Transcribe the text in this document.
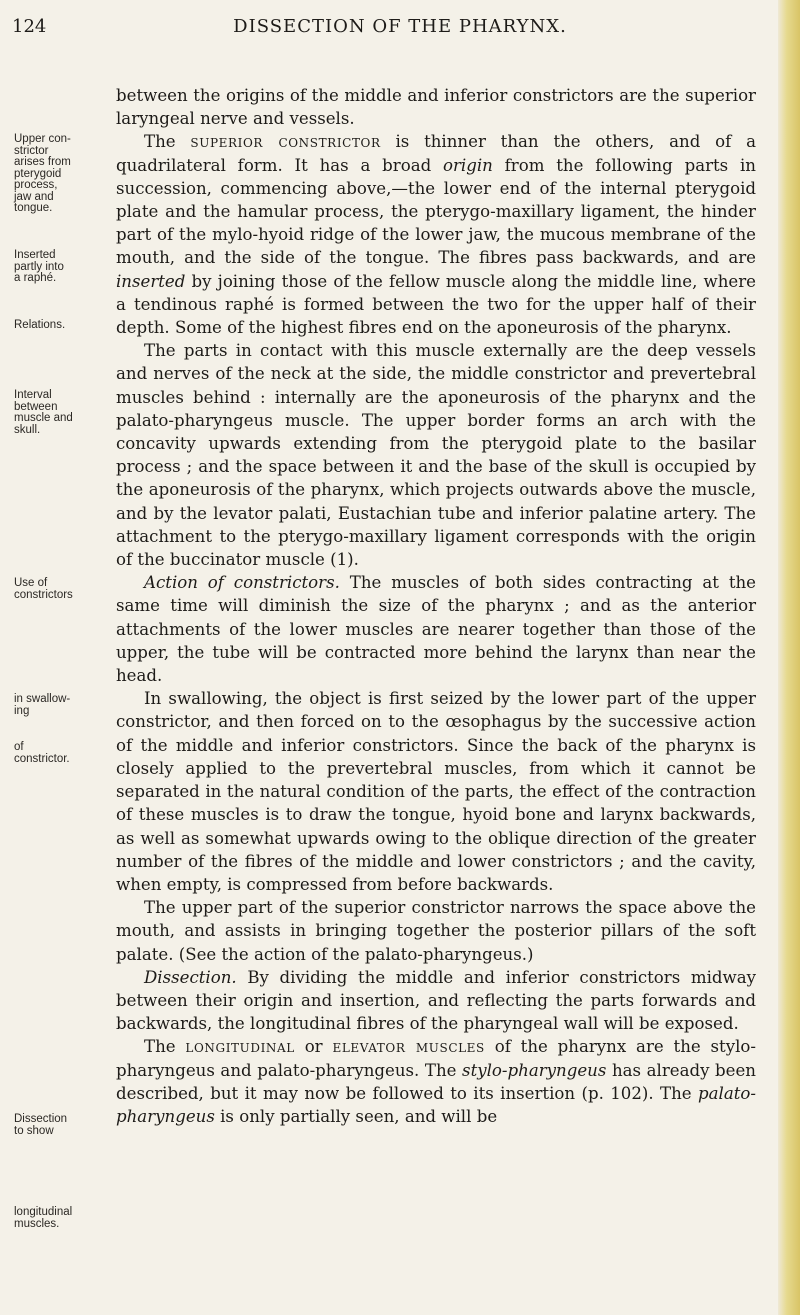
124	DISSECTION OF THE PHARYNX.
Upper con-
strictor
arises from
pterygoid
process,
jaw and
tongue.
Inserted
partly into
a raphé.
Relations.
Interval
between
muscle and
skull.
Use of
constrictors
in swallow-
ing
of
constrictor.
Dissection
to show
longitudinal
muscles.

between the origins of the middle and inferior constrictors are the superior laryngeal nerve and vessels.

The superior constrictor is thinner than the others, and of a quadrilateral form. It has a broad origin from the following parts in succession, commencing above,—the lower end of the internal pterygoid plate and the hamular process, the pterygo-maxillary ligament, the hinder part of the mylo-hyoid ridge of the lower jaw, the mucous membrane of the mouth, and the side of the tongue. The fibres pass backwards, and are inserted by joining those of the fellow muscle along the middle line, where a tendinous raphé is formed between the two for the upper half of their depth. Some of the highest fibres end on the aponeurosis of the pharynx.

The parts in contact with this muscle externally are the deep vessels and nerves of the neck at the side, the middle constrictor and prevertebral muscles behind : internally are the aponeurosis of the pharynx and the palato-pharyngeus muscle. The upper border forms an arch with the concavity upwards extending from the pterygoid plate to the basilar process ; and the space between it and the base of the skull is occupied by the aponeurosis of the pharynx, which projects outwards above the muscle, and by the levator palati, Eustachian tube and inferior palatine artery. The attachment to the pterygo-maxillary ligament corresponds with the origin of the buccinator muscle (1).

Action of constrictors. The muscles of both sides contracting at the same time will diminish the size of the pharynx ; and as the anterior attachments of the lower muscles are nearer together than those of the upper, the tube will be contracted more behind the larynx than near the head.

In swallowing, the object is first seized by the lower part of the upper constrictor, and then forced on to the œsophagus by the successive action of the middle and inferior constrictors. Since the back of the pharynx is closely applied to the prevertebral muscles, from which it cannot be separated in the natural condition of the parts, the effect of the contraction of these muscles is to draw the tongue, hyoid bone and larynx backwards, as well as somewhat upwards owing to the oblique direction of the greater number of the fibres of the middle and lower constrictors ; and the cavity, when empty, is compressed from before backwards.

The upper part of the superior constrictor narrows the space above the mouth, and assists in bringing together the posterior pillars of the soft palate. (See the action of the palato-pharyngeus.)

Dissection. By dividing the middle and inferior constrictors midway between their origin and insertion, and reflecting the parts forwards and backwards, the longitudinal fibres of the pharyngeal wall will be exposed.

The longitudinal or elevator muscles of the pharynx are the stylo-pharyngeus and palato-pharyngeus. The stylo-pharyngeus has already been described, but it may now be followed to its insertion (p. 102). The palato-pharyngeus is only partially seen, and will be
